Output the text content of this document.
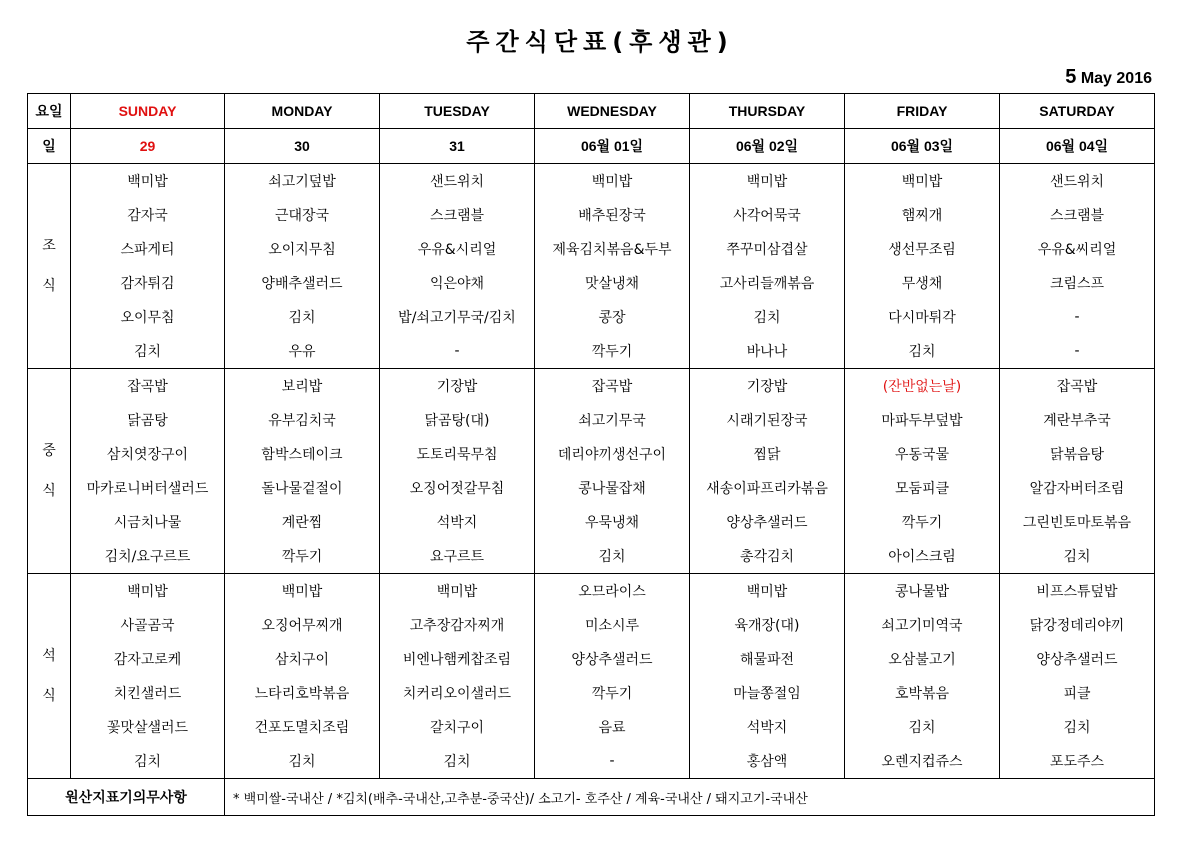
주간식단표(후생관)
5 May 2016
요일	SUNDAY	MONDAY	TUESDAY	WEDNESDAY	THURSDAY	FRIDAY	SATURDAY
일	29	30	31	06월 01일	06월 02일	06월 03일	06월 04일

조
식	백미밥	쇠고기덮밥	샌드위치	백미밥	백미밥	백미밥	샌드위치
	감자국	근대장국	스크램블	배추된장국	사각어묵국	햄찌개	스크램블
	스파게티	오이지무침	우유&시리얼	제육김치볶음&두부	쭈꾸미삼겹살	생선무조림	우유&씨리얼
	감자튀김	양배추샐러드	익은야채	맛살냉채	고사리들깨볶음	무생채	크림스프
	오이무침	김치	밥/쇠고기무국/김치	콩장	김치	다시마튀각	-
	김치	우유	-	깍두기	바나나	김치	-

중
식	잡곡밥	보리밥	기장밥	잡곡밥	기장밥	(잔반없는날)	잡곡밥
	닭곰탕	유부김치국	닭곰탕(대)	쇠고기무국	시래기된장국	마파두부덮밥	계란부추국
	삼치엿장구이	함박스테이크	도토리묵무침	데리야끼생선구이	찜닭	우동국물	닭볶음탕
	마카로니버터샐러드	돌나물겉절이	오징어젓갈무침	콩나물잡채	새송이파프리카볶음	모둠피클	알감자버터조림
	시금치나물	계란찜	석박지	우묵냉채	양상추샐러드	깍두기	그린빈토마토볶음
	김치/요구르트	깍두기	요구르트	김치	총각김치	아이스크림	김치

석
식	백미밥	백미밥	백미밥	오므라이스	백미밥	콩나물밥	비프스튜덮밥
	사골곰국	오징어무찌개	고추장감자찌개	미소시루	육개장(대)	쇠고기미역국	닭강정데리야끼
	감자고로케	삼치구이	비엔나햄케찹조림	양상추샐러드	해물파전	오삼불고기	양상추샐러드
	치킨샐러드	느타리호박볶음	치커리오이샐러드	깍두기	마늘쫑절임	호박볶음	피클
	꽃맛살샐러드	건포도멸치조림	갈치구이	음료	석박지	김치	김치
	김치	김치	김치	-	홍삼액	오렌지컵쥬스	포도주스
원산지표기의무사항		* 백미쌀-국내산 / *김치(배추-국내산,고추분-중국산)/ 소고기- 호주산 / 계육-국내산 / 돼지고기-국내산					
